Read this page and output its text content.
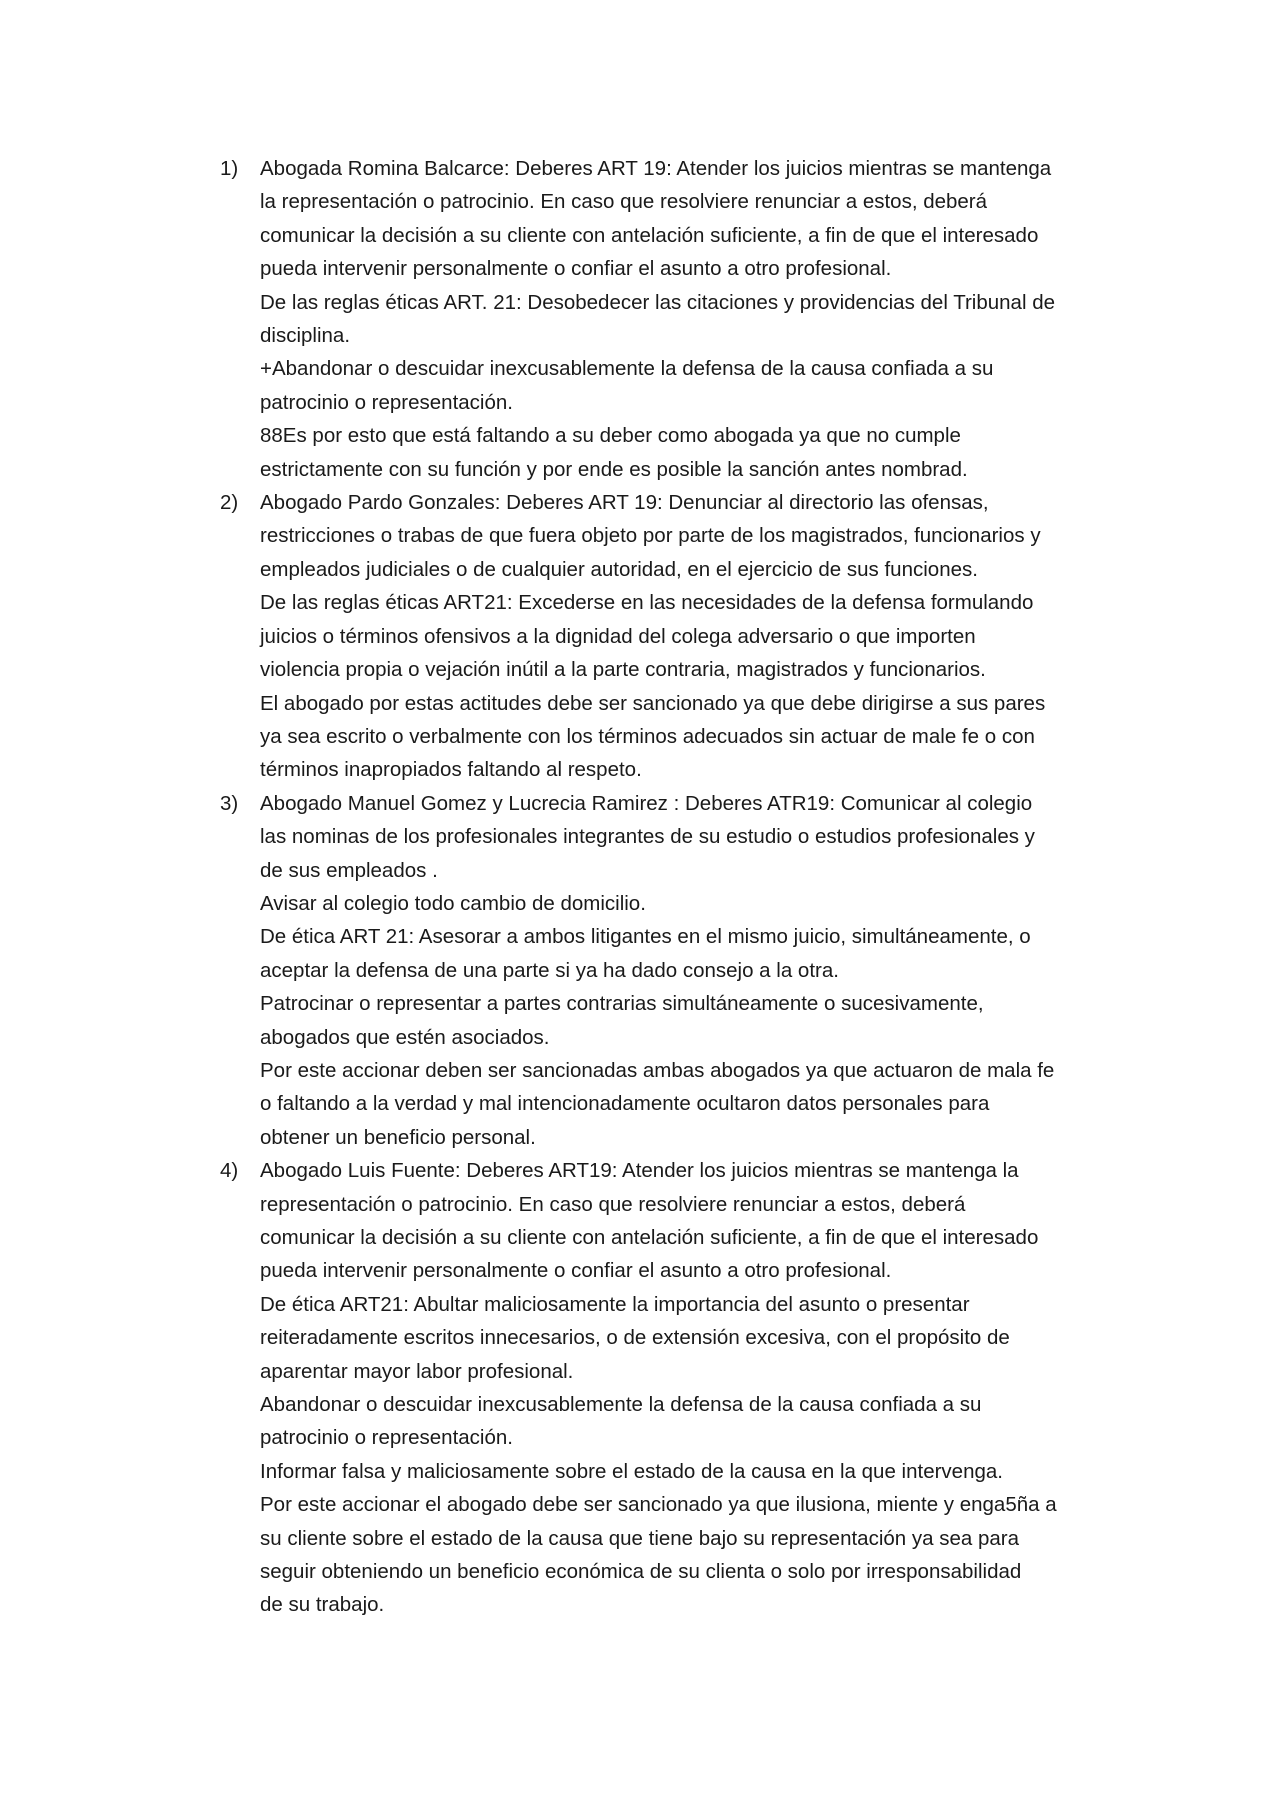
1) Abogada Romina Balcarce: Deberes ART 19: Atender los juicios mientras se mantenga
la representación o patrocinio. En caso que resolviere renunciar a estos, deberá
comunicar la decisión a su cliente con antelación suficiente, a fin de que el interesado
pueda intervenir personalmente o confiar el asunto a otro profesional.
De las reglas éticas ART. 21: Desobedecer las citaciones y providencias del Tribunal de
disciplina.
+Abandonar o descuidar inexcusablemente la defensa de la causa confiada a su
patrocinio o representación.
88Es por esto que está faltando a su deber como abogada ya que no cumple
estrictamente con su función y por ende es posible la sanción antes nombrad.
2) Abogado Pardo Gonzales: Deberes ART 19: Denunciar al directorio las ofensas,
restricciones o trabas de que fuera objeto por parte de los magistrados, funcionarios y
empleados judiciales o de cualquier autoridad, en el ejercicio de sus funciones.
De las reglas éticas ART21: Excederse en las necesidades de la defensa formulando
juicios o términos ofensivos a la dignidad del colega adversario o que importen
violencia propia o vejación inútil a la parte contraria, magistrados y funcionarios.
El abogado por estas actitudes debe ser sancionado ya que debe dirigirse a sus pares
ya sea escrito o verbalmente con los términos adecuados sin actuar de male fe o con
términos inapropiados faltando al respeto.
3) Abogado Manuel Gomez y Lucrecia Ramirez : Deberes ATR19: Comunicar al colegio
las nominas de los profesionales integrantes de su estudio o estudios profesionales y
de sus empleados .
Avisar al colegio todo cambio de domicilio.
De ética ART 21: Asesorar a ambos litigantes en el mismo juicio, simultáneamente, o
aceptar la defensa de una parte si ya ha dado consejo a la otra.
Patrocinar o representar a partes contrarias simultáneamente o sucesivamente,
abogados que estén asociados.
Por este accionar deben ser sancionadas ambas abogados ya que actuaron de mala fe
o faltando a la verdad y mal intencionadamente ocultaron datos personales para
obtener un beneficio personal.
4) Abogado Luis Fuente: Deberes ART19: Atender los juicios mientras se mantenga la
representación o patrocinio. En caso que resolviere renunciar a estos, deberá
comunicar la decisión a su cliente con antelación suficiente, a fin de que el interesado
pueda intervenir personalmente o confiar el asunto a otro profesional.
De ética ART21: Abultar maliciosamente la importancia del asunto o presentar
reiteradamente escritos innecesarios, o de extensión excesiva, con el propósito de
aparentar mayor labor profesional.
Abandonar o descuidar inexcusablemente la defensa de la causa confiada a su
patrocinio o representación.
Informar falsa y maliciosamente sobre el estado de la causa en la que intervenga.
Por este accionar el abogado debe ser sancionado ya que ilusiona, miente y enga5ña a
su cliente sobre el estado de la causa que tiene bajo su representación ya sea para
seguir obteniendo un beneficio económica de su clienta o solo por irresponsabilidad
de su trabajo.
